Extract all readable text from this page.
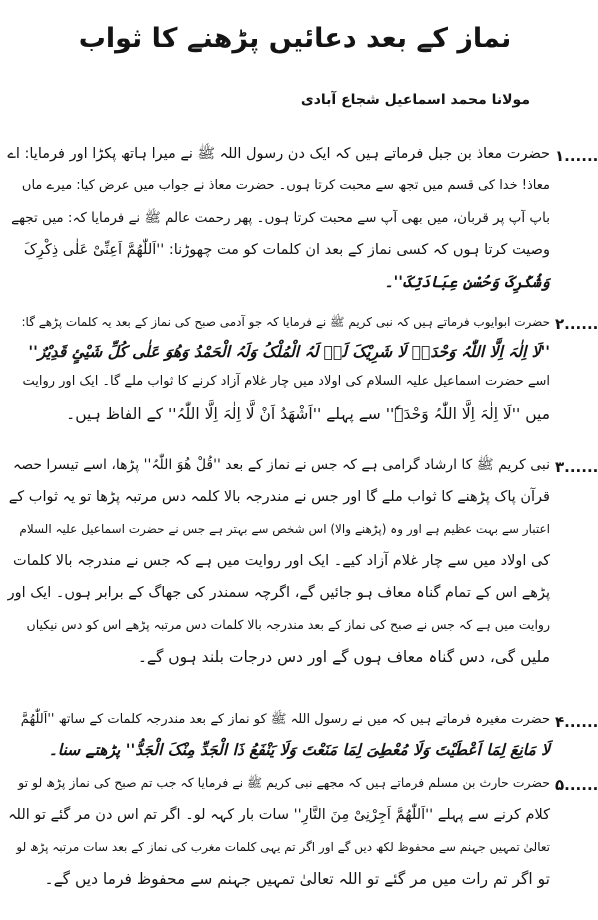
نماز کے بعد دعائیں پڑھنے کا ثواب
مولانا محمد اسماعیل شجاع آبادی
۱......
حضرت معاذ بن جبل فرماتے ہیں کہ ایک دن رسول اللہ ﷺ نے میرا ہاتھ پکڑا اور فرمایا: اے
معاذ! خدا کی قسم میں تجھ سے محبت کرتا ہوں۔ حضرت معاذ نے جواب میں عرض کیا: میرے ماں
باپ آپ پر قربان، میں بھی آپ سے محبت کرتا ہوں۔ پھر رحمت عالم ﷺ نے فرمایا کہ: میں تجھے
وصیت کرتا ہوں کہ کسی نماز کے بعد ان کلمات کو مت چھوڑنا: ''اَللّٰھُمَّ اَعِنِّیْ عَلٰی ذِکْرِکَ
وَشُکْرِکَ وَحُسْنِ عِبَادَتِکَ''۔
۲......
حضرت ابوایوب فرماتے ہیں کہ نبی کریم ﷺ نے فرمایا کہ جو آدمی صبح کی نماز کے بعد یہ کلمات پڑھے گا:
''لَا اِلٰہَ اِلَّا اللّٰہُ وَحْدَہٗ لَا شَرِیْکَ لَہٗ لَہُ الْمُلْکُ وَلَہُ الْحَمْدُ وَھُوَ عَلٰی کُلِّ شَیْئٍ قَدِیْرٌ''
اسے حضرت اسماعیل علیہ السلام کی اولاد میں چار غلام آزاد کرنے کا ثواب ملے گا۔ ایک اور روایت
میں ''لَا اِلٰہَ اِلَّا اللّٰہُ وَحْدَہٗ'' سے پہلے ''اَشْھَدُ اَنْ لَّا اِلٰہَ اِلَّا اللّٰہُ'' کے الفاظ ہیں۔
۳......
نبی کریم ﷺ کا ارشاد گرامی ہے کہ جس نے نماز کے بعد ''قُلْ ھُوَ اللّٰہُ'' پڑھا، اسے تیسرا حصہ
قرآن پاک پڑھنے کا ثواب ملے گا اور جس نے مندرجہ بالا کلمہ دس مرتبہ پڑھا تو یہ ثواب کے
اعتبار سے بہت عظیم ہے اور وہ (پڑھنے والا) اس شخص سے بہتر ہے جس نے حضرت اسماعیل علیہ السلام
کی اولاد میں سے چار غلام آزاد کیے۔ ایک اور روایت میں ہے کہ جس نے مندرجہ بالا کلمات
پڑھے اس کے تمام گناہ معاف ہو جائیں گے، اگرچہ سمندر کی جھاگ کے برابر ہوں۔ ایک اور
روایت میں ہے کہ جس نے صبح کی نماز کے بعد مندرجہ بالا کلمات دس مرتبہ پڑھے اس کو دس نیکیاں
ملیں گی، دس گناہ معاف ہوں گے اور دس درجات بلند ہوں گے۔
۴......
حضرت مغیرہ فرماتے ہیں کہ میں نے رسول اللہ ﷺ کو نماز کے بعد مندرجہ کلمات کے ساتھ ''اَللّٰھُمَّ
لَا مَانِعَ لِمَا اَعْطَیْتَ وَلَا مُعْطِیَ لِمَا مَنَعْتَ وَلَا یَنْفَعُ ذَا الْجَدِّ مِنْکَ الْجَدُّ'' پڑھتے سنا۔
۵......
حضرت حارث بن مسلم فرماتے ہیں کہ مجھے نبی کریم ﷺ نے فرمایا کہ جب تم صبح کی نماز پڑھ لو تو
کلام کرنے سے پہلے ''اَللّٰھُمَّ اَجِرْنِیْ مِنَ النَّارِ'' سات بار کہہ لو۔ اگر تم اس دن مر گئے تو اللہ
تعالیٰ تمہیں جہنم سے محفوظ لکھ دیں گے اور اگر تم یہی کلمات مغرب کی نماز کے بعد سات مرتبہ پڑھ لو
تو اگر تم رات میں مر گئے تو اللہ تعالیٰ تمہیں جہنم سے محفوظ فرما دیں گے۔
